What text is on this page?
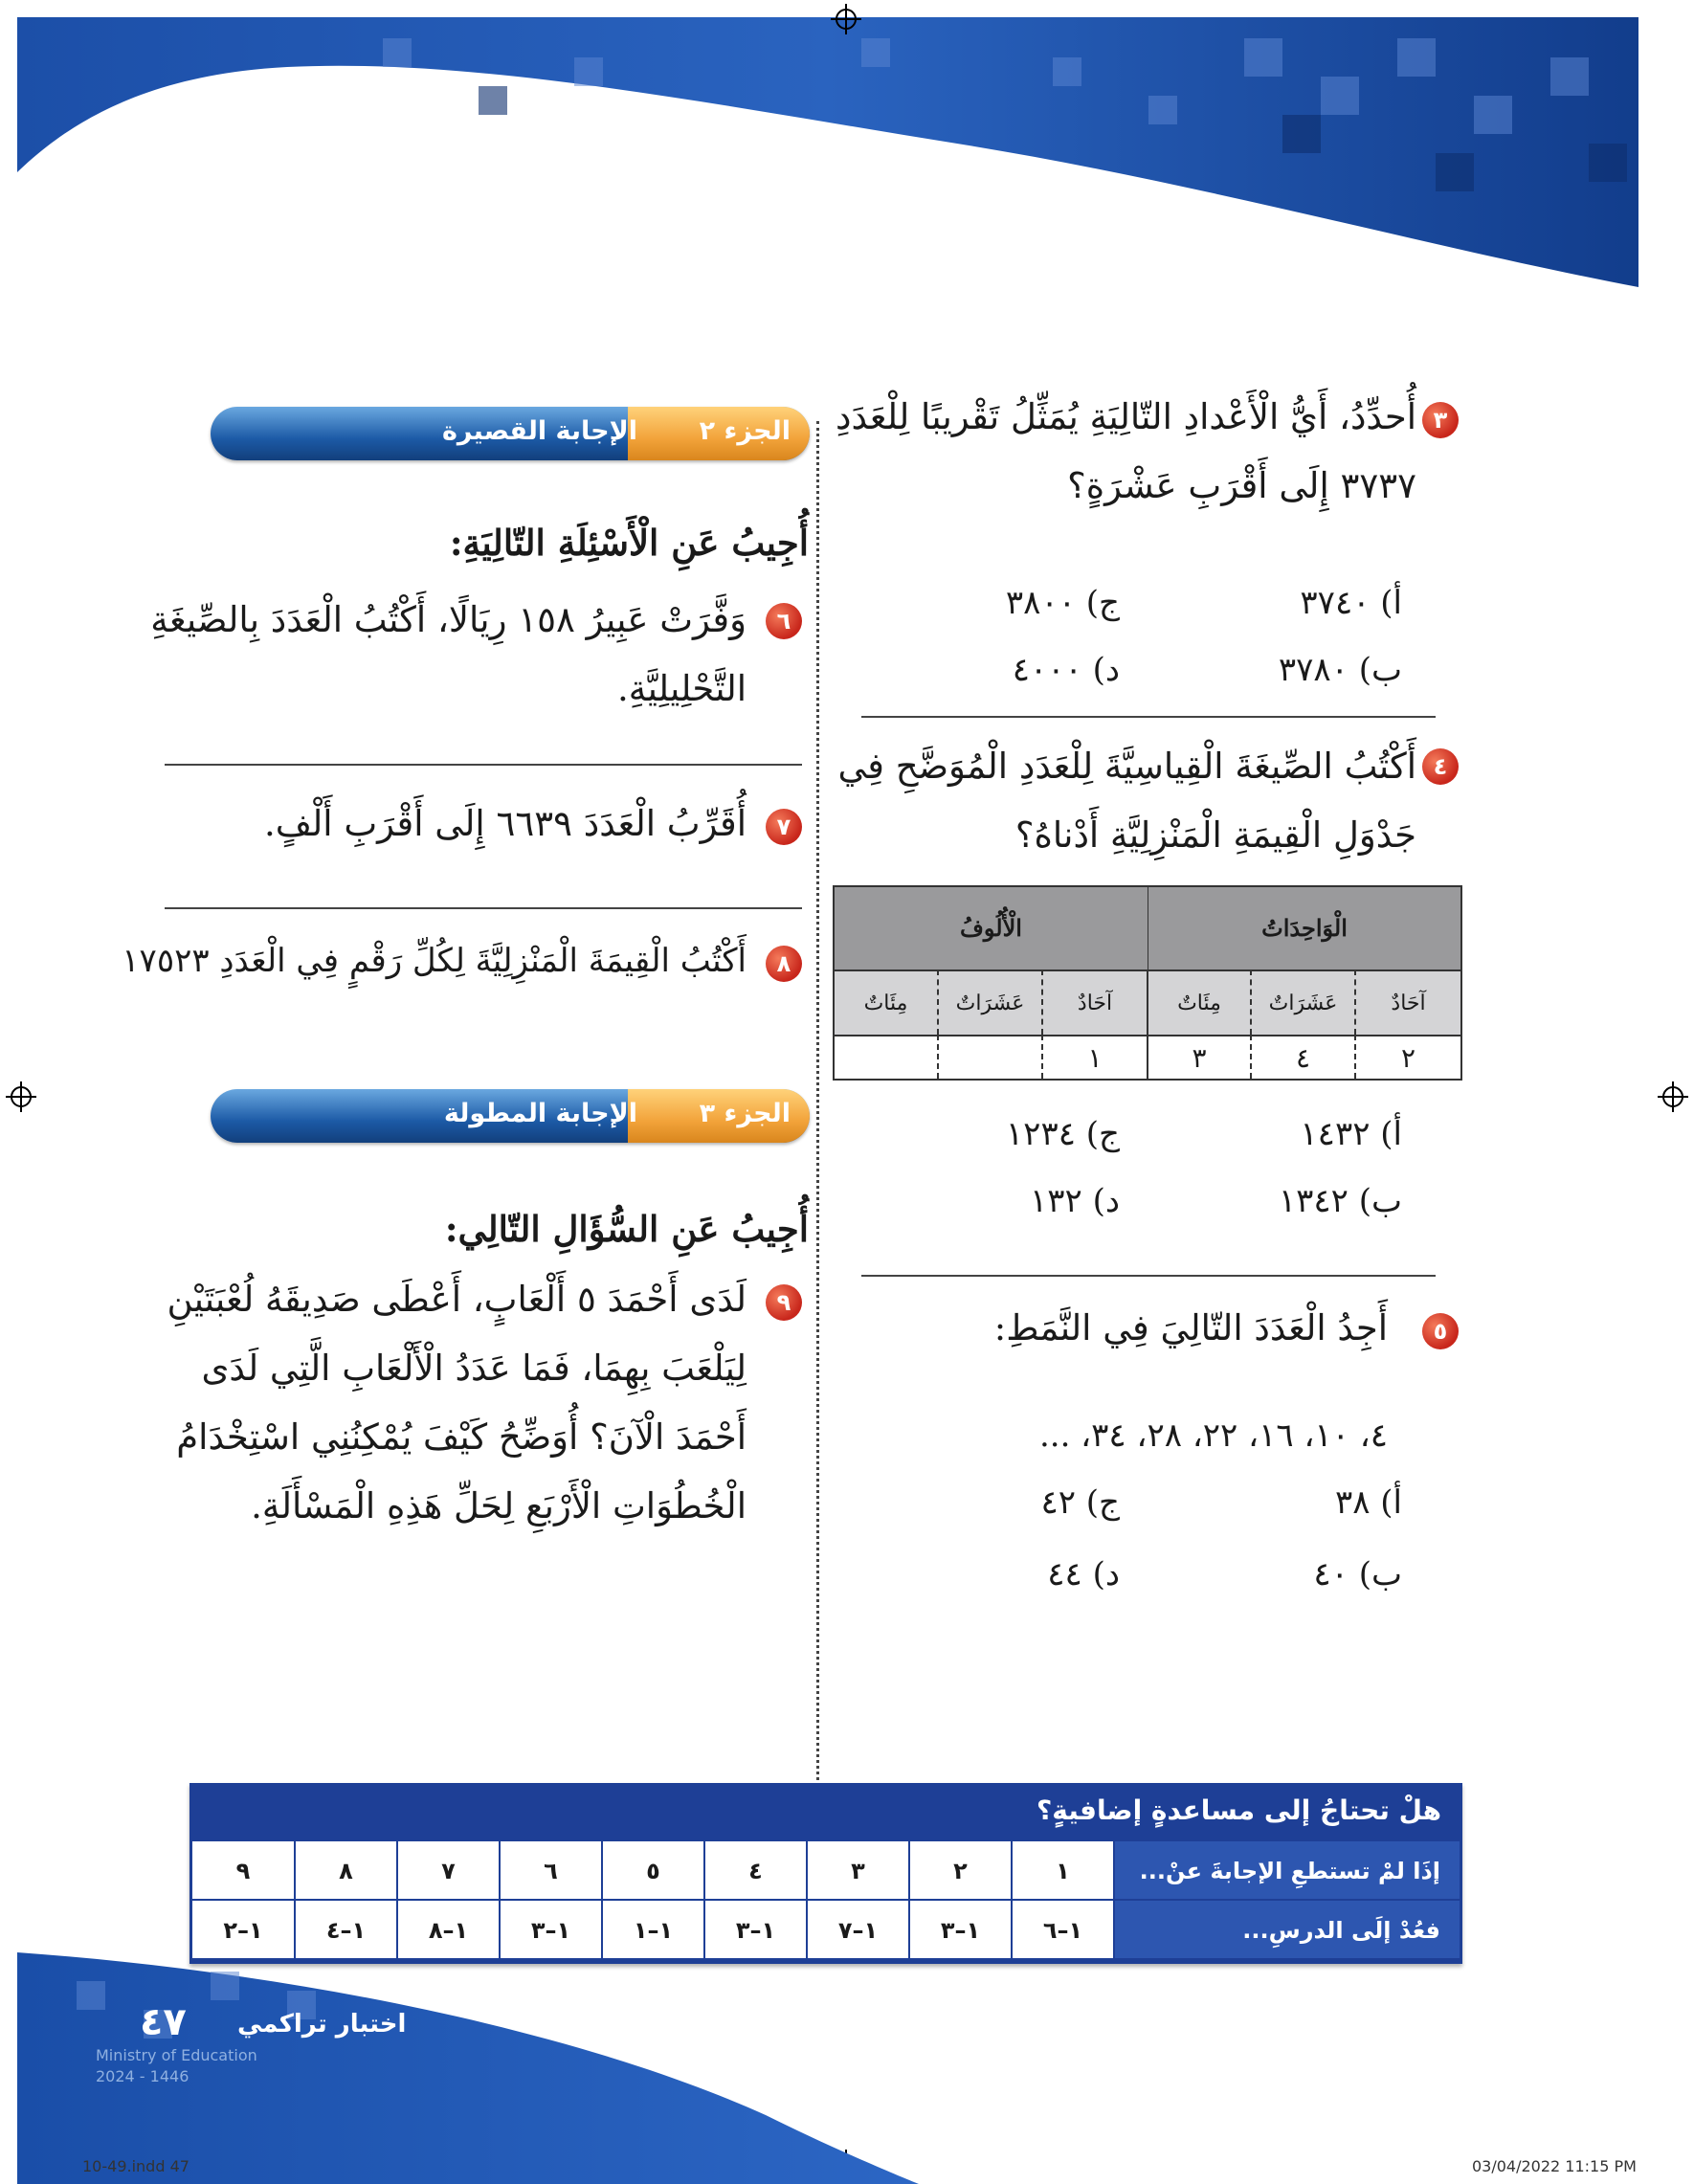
٣
أُحدِّدُ، أَيُّ الْأَعْدادِ التّالِيَةِ يُمَثِّلُ تَقْريبًا لِلْعَدَدِ
٣٧٣٧ إِلَى أَقْرَبِ عَشْرَةٍ؟
أ) ٣٧٤٠
ج) ٣٨٠٠
ب) ٣٧٨٠
د) ٤٠٠٠
٤
أَكْتُبُ الصِّيغَةَ الْقِياسِيَّةَ لِلْعَدَدِ الْمُوَضَّحِ فِي
جَدْوَلِ الْقِيمَةِ الْمَنْزِلِيَّةِ أَدْناهُ؟
الْوَاحِدَاتُ
الْأُلُوفُ
آحَادٌ
عَشَرَاتٌ
مِئَاتٌ
آحَادٌ
عَشَرَاتٌ
مِئَاتٌ
٢
٤
٣
١
أ) ١٤٣٢
ج) ١٢٣٤
ب) ١٣٤٢
د) ١٣٢
٥
أَجِدُ الْعَدَدَ التّالِيَ فِي النَّمَطِ:
٤، ١٠، ١٦، ٢٢، ٢٨، ٣٤، ...
أ) ٣٨
ج) ٤٢
ب) ٤٠
د) ٤٤
الجزء ٢
الإجابة القصيرة
أُجِيبُ عَنِ الْأَسْئِلَةِ التّالِيَةِ:
٦
وَفَّرَتْ عَبِيرُ ١٥٨ رِيَالًا، أَكْتُبُ الْعَدَدَ بِالصِّيغَةِ
التَّحْلِيلِيَّةِ.
٧
أُقَرِّبُ الْعَدَدَ ٦٦٣٩ إِلَى أَقْرَبِ أَلْفٍ.
٨
أَكْتُبُ الْقِيمَةَ الْمَنْزِلِيَّةَ لِكُلِّ رَقْمٍ فِي الْعَدَدِ ١٧٥٢٣
الجزء ٣
الإجابة المطولة
أُجِيبُ عَنِ السُّؤَالِ التّالِي:
٩
لَدَى أَحْمَدَ ٥ أَلْعَابٍ، أَعْطَى صَدِيقَهُ لُعْبَتَيْنِ
لِيَلْعَبَ بِهِمَا، فَمَا عَدَدُ الْأَلْعَابِ الَّتِي لَدَى
أَحْمَدَ الْآنَ؟ أُوَضِّحُ كَيْفَ يُمْكِنُنِي اسْتِخْدَامُ
الْخُطُوَاتِ الْأَرْبَعِ لِحَلِّ هَذِهِ الْمَسْأَلَةِ.
هلْ تحتاجُ إلى مساعدةٍ إضافيةٍ؟
إذَا لمْ تستطعِ الإجابةَ عنْ...
فعُدْ إلَى الدرسِ...
١
٢
٣
٤
٥
٦
٧
٨
٩
١–٦
١–٣
١–٧
١–٣
١–١
١–٣
١–٨
١–٤
١–٢
٤٧ اختبار تراكمي
Ministry of Education
2024 - 1446
10-49.indd 47	03/04/2022 11:15 PM
